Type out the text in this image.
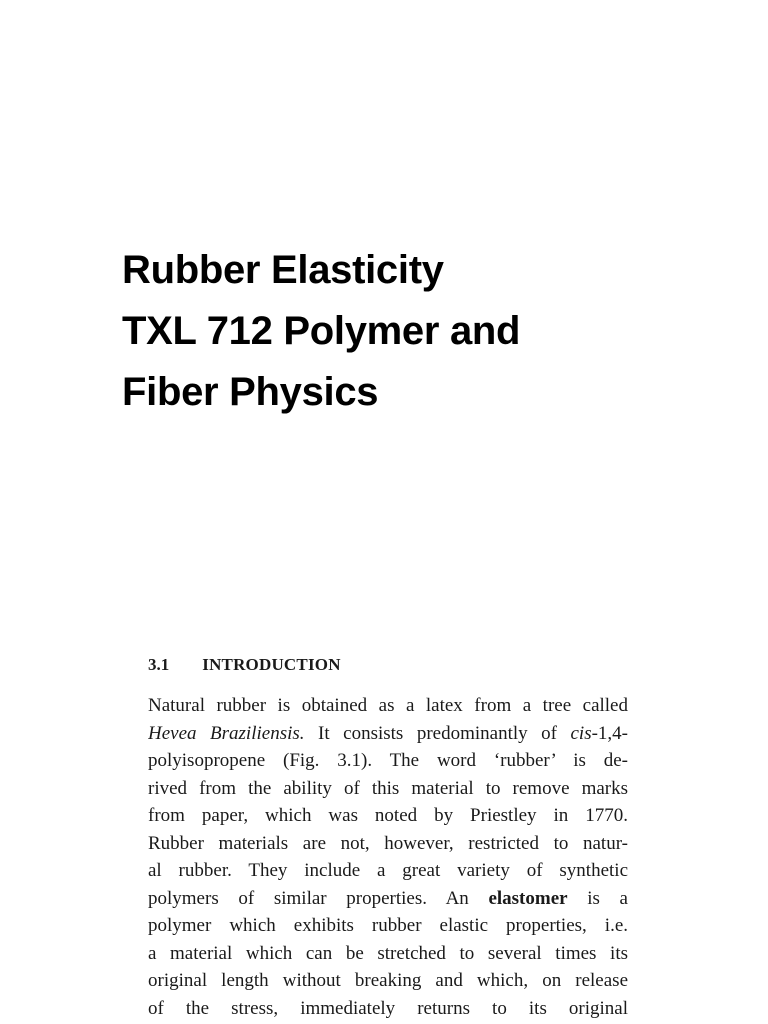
Rubber Elasticity
TXL 712 Polymer and
Fiber Physics
3.1 INTRODUCTION
Natural rubber is obtained as a latex from a tree called
Hevea Braziliensis. It consists predominantly of cis-1,4-
polyisopropene (Fig. 3.1). The word ‘rubber’ is de-
rived from the ability of this material to remove marks
from paper, which was noted by Priestley in 1770.
Rubber materials are not, however, restricted to natur-
al rubber. They include a great variety of synthetic
polymers of similar properties. An elastomer is a
polymer which exhibits rubber elastic properties, i.e.
a material which can be stretched to several times its
original length without breaking and which, on release
of the stress, immediately returns to its original
